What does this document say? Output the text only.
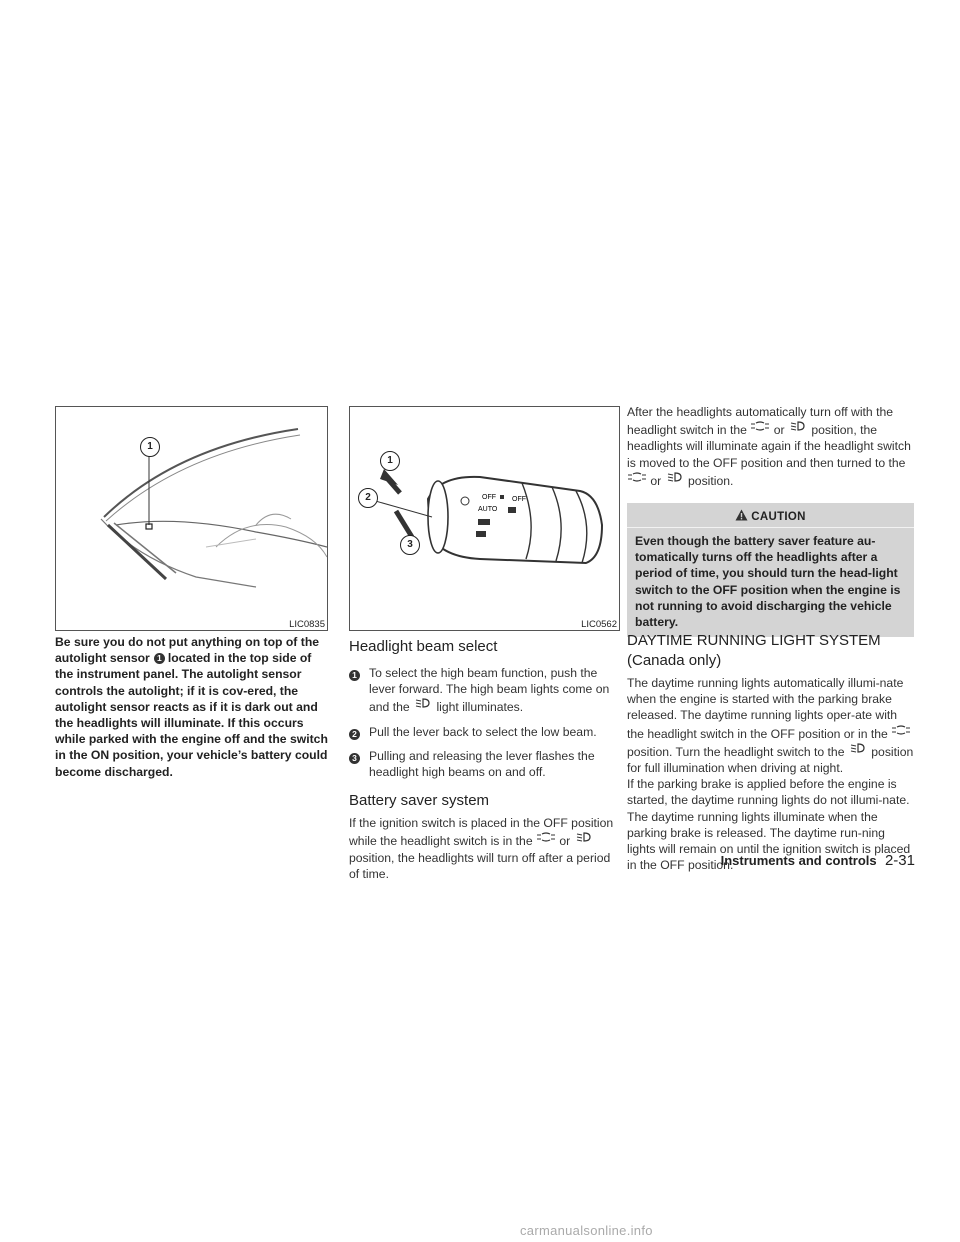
1
LIC0835
OFF
AUTO
OFF
1
2
3
LIC0562

Be sure you do not put anything on top of the autolight sensor 1 located in the top side of the instrument panel. The autolight sensor controls the autolight; if it is cov-ered, the autolight sensor reacts as if it is dark out and the headlights will illuminate. If this occurs while parked with the engine off and the switch in the ON position, your vehicle’s battery could become discharged.

Headlight beam select
1 To select the high beam function, push the lever forward. The high beam lights come on and the light illuminates.
2 Pull the lever back to select the low beam.
3 Pulling and releasing the lever flashes the headlight high beams on and off.
Battery saver system

If the ignition switch is placed in the OFF position while the headlight switch is in the or  position, the headlights will turn off after a period of time.

After the headlights automatically turn off with the headlight switch in the or position, the headlights will illuminate again if the headlight switch is moved to the OFF position and then turned to the  or position.

CAUTION
Even though the battery saver feature au-tomatically turns off the headlights after a period of time, you should turn the head-light switch to the OFF position when the engine is not running to avoid discharging the vehicle battery.
DAYTIME RUNNING LIGHT SYSTEM
(Canada only)

The daytime running lights automatically illumi-nate when the engine is started with the parking brake released. The daytime running lights oper-ate with the headlight switch in the OFF position or in the  position. Turn the headlight switch to the position for full illumination when driving at night.

If the parking brake is applied before the engine is started, the daytime running lights do not illumi-nate. The daytime running lights illuminate when the parking brake is released. The daytime run-ning lights will remain on until the ignition switch is placed in the OFF position.

Instruments and controls 2-31
carmanualsonline.info
